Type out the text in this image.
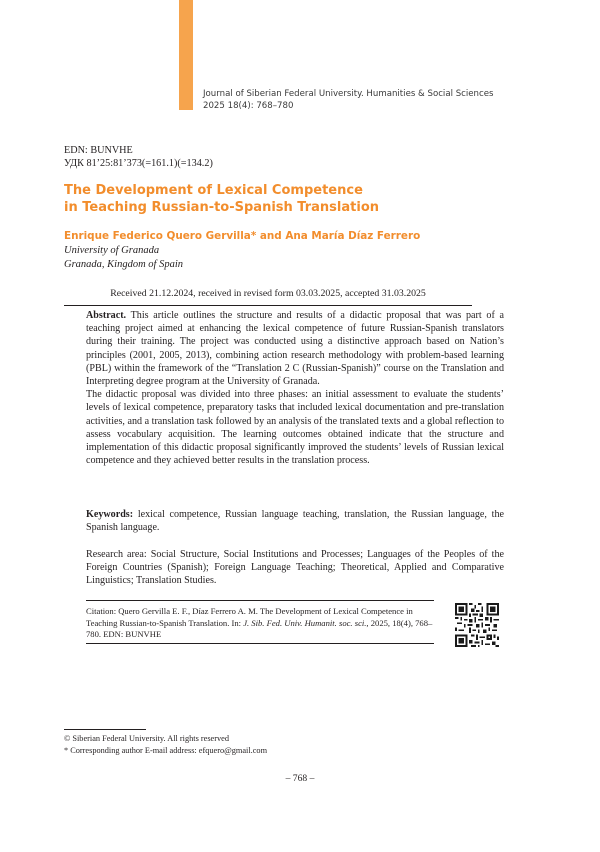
Journal of Siberian Federal University. Humanities & Social Sciences
2025 18(4): 768–780
EDN: BUNVHE
УДК 81’25:81’373(=161.1)(=134.2)
The Development of Lexical Competence
in Teaching Russian-to-Spanish Translation
Enrique Federico Quero Gervilla* and Ana María Díaz Ferrero
University of Granada
Granada, Kingdom of Spain
Received 21.12.2024, received in revised form 03.03.2025, accepted 31.03.2025

Abstract. This article outlines the structure and results of a didactic proposal that was part of a teaching project aimed at enhancing the lexical competence of future Russian-Spanish translators during their training. The project was conducted using a distinctive approach based on Nation’s principles (2001, 2005, 2013), combining action research methodology with problem-based learning (PBL) within the framework of the “Translation 2 C (Russian-Spanish)” course on the Translation and Interpreting degree program at the University of Granada.

The didactic proposal was divided into three phases: an initial assessment to evaluate the students’ levels of lexical competence, preparatory tasks that included lexical documentation and pre-translation activities, and a translation task followed by an analysis of the translated texts and a global reflection to assess vocabulary acquisition. The learning outcomes obtained indicate that the structure and implementation of this didactic proposal significantly improved the students’ levels of Russian lexical competence and they achieved better results in the translation process.

Keywords: lexical competence, Russian language teaching, translation, the Russian language, the Spanish language.
Research area: Social Structure, Social Institutions and Processes; Languages of the Peoples of the Foreign Countries (Spanish); Foreign Language Teaching; Theoretical, Applied and Comparative Linguistics; Translation Studies.
Citation: Quero Gervilla E. F., Díaz Ferrero A. M. The Development of Lexical Competence in Teaching Russian-to-Spanish Translation. In: J. Sib. Fed. Univ. Humanit. soc. sci., 2025, 18(4), 768–780. EDN: BUNVHE
© Siberian Federal University. All rights reserved
* Corresponding author E-mail address: efquero@gmail.com
– 768 –
